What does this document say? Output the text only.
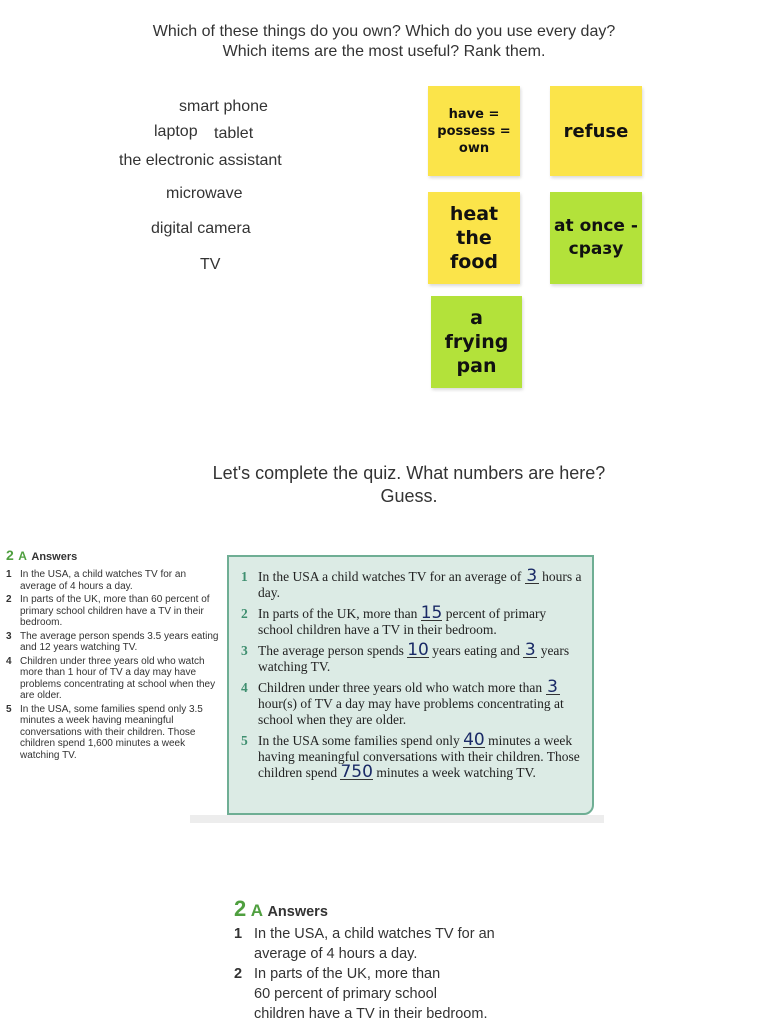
Which of these things do you own? Which do you use every day?
Which items are the most useful? Rank them.
smart phone
laptop tablet
the electronic assistant
microwave
digital camera
TV
have = possess = own
refuse
heat the food
at once - сразу
a frying pan
Let's complete the quiz. What numbers are here?
Guess.
2 A Answers
1 In the USA, a child watches TV for an average of 4 hours a day.
2 In parts of the UK, more than 60 percent of primary school children have a TV in their bedroom.
3 The average person spends 3.5 years eating and 12 years watching TV.
4 Children under three years old who watch more than 1 hour of TV a day may have problems concentrating at school when they are older.
5 In the USA, some families spend only 3.5 minutes a week having meaningful conversations with their children. Those children spend 1,600 minutes a week watching TV.
1 In the USA a child watches TV for an average of 3 hours a day.
2 In parts of the UK, more than 15 percent of primary school children have a TV in their bedroom.
3 The average person spends 10 years eating and 3 years watching TV.
4 Children under three years old who watch more than 3 hour(s) of TV a day may have problems concentrating at school when they are older.
5 In the USA some families spend only 40 minutes a week having meaningful conversations with their children. Those children spend 750 minutes a week watching TV.
2 A Answers
1 In the USA, a child watches TV for an
average of 4 hours a day.
2 In parts of the UK, more than
60 percent of primary school
children have a TV in their bedroom.
